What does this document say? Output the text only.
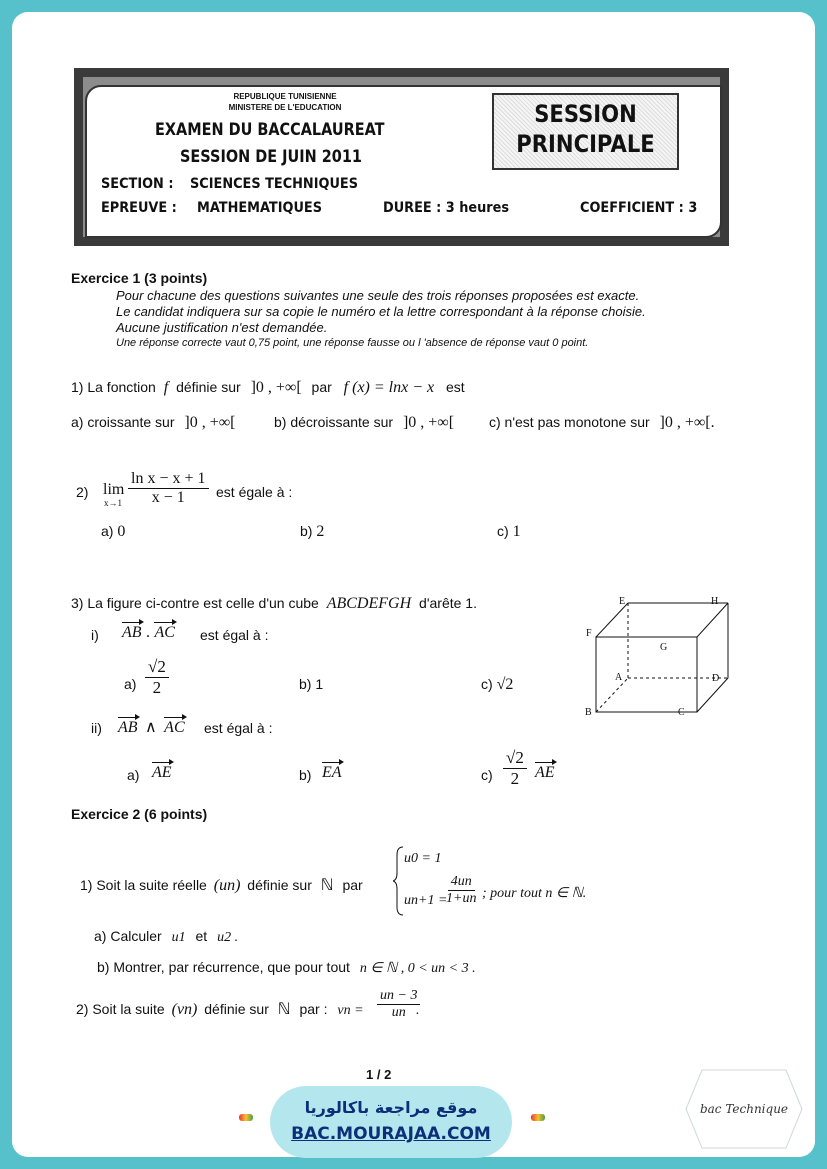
REPUBLIQUE TUNISIENNE
MINISTERE DE L'EDUCATION
EXAMEN DU BACCALAUREAT
SESSION DE JUIN 2011
SECTION : SCIENCES TECHNIQUES
EPREUVE : MATHEMATIQUES	DUREE : 3 heures	COEFFICIENT : 3
SESSION
PRINCIPALE
Exercice 1 (3 points)
Pour chacune des questions suivantes une seule des trois réponses proposées est exacte.
Le candidat indiquera sur sa copie le numéro et la lettre correspondant à la réponse choisie.
Aucune justification n'est demandée.
Une réponse correcte vaut 0,75 point, une réponse fausse ou l 'absence de réponse vaut 0 point.
1) La fonction f définie sur ]0 , +∞[ par f (x) = lnx − x est
a) croissante sur ]0 , +∞[	b) décroissante sur ]0 , +∞[ c) n'est pas monotone sur ]0 , +∞[.
2) lim
$x\to 1 \frac{\text{ln x − x + 1}}{x - 1}$ est égale à :
a) 0	b) 2	c) 1
3) La figure ci-contre est celle d'un cube ABCDEFGH d'arête 1.
i) AB . AC est égal à :
$a) \frac{√2}{2}$	b) 1	c) √2
ii) AB ∧ AC est égal à :
a) AE	b) EA	$c) \frac{√2}{2}$ AE
E	H
F
G
A	D
B	C
Exercice 2 (6 points)
1) Soit la suite réelle (un) définie sur ℕ par
u0 = 1
un+1 =
$\frac{4un}{1+un}$ ; pour tout n ∈ ℕ.
a) Calculer u1 et u2 .
b) Montrer, par récurrence, que pour tout n ∈ ℕ , 0 < un < 3 .
2) Soit la suite (vn) définie sur ℕ par : vn = $\frac{un - 3}{un}$
.
1 / 2
موقع مراجعة باكالوريا
BAC.MOURAJAA.COM
bac Technique
